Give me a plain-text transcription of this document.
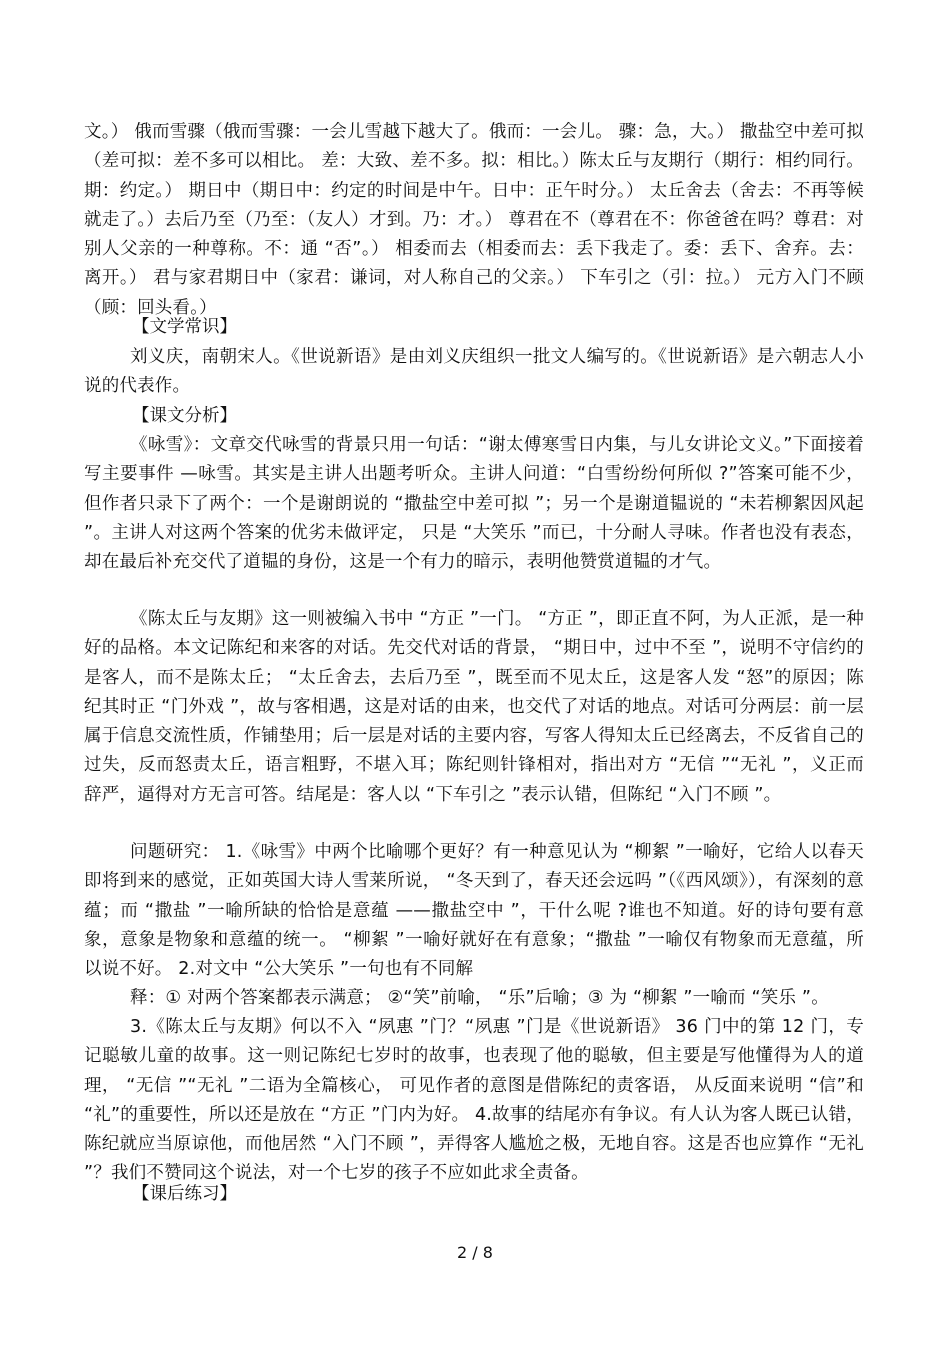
文。） 俄而雪骤（俄而雪骤：一会儿雪越下越大了。俄而：一会儿。 骤：急，大。） 撒盐空中差可拟（差可拟：差不多可以相比。 差：大致、差不多。拟：相比。）陈太丘与友期行（期行：相约同行。 期：约定。） 期日中（期日中：约定的时间是中午。日中：正午时分。） 太丘舍去（舍去：不再等候就走了。）去后乃至（乃至：（友人）才到。乃：才。） 尊君在不（尊君在不：你爸爸在吗？尊君：对别人父亲的一种尊称。不：通 “否”。） 相委而去（相委而去：丢下我走了。委：丢下、舍弃。去：离开。） 君与家君期日中（家君：谦词，对人称自己的父亲。） 下车引之（引：拉。） 元方入门不顾（顾：回头看。）

【文学常识】

刘义庆，南朝宋人。《世说新语》是由刘义庆组织一批文人编写的。《世说新语》是六朝志人小说的代表作。

【课文分析】

《咏雪》：文章交代咏雪的背景只用一句话：“谢太傅寒雪日内集，与儿女讲论文义。”下面接着写主要事件 —咏雪。其实是主讲人出题考听众。主讲人问道：“白雪纷纷何所似 ?”答案可能不少，但作者只录下了两个：一个是谢朗说的 “撒盐空中差可拟 ”；另一个是谢道韫说的 “未若柳絮因风起 ”。主讲人对这两个答案的优劣未做评定， 只是 “大笑乐 ”而已，十分耐人寻味。作者也没有表态，却在最后补充交代了道韫的身份，这是一个有力的暗示，表明他赞赏道韫的才气。

《陈太丘与友期》这一则被编入书中 “方正 ”一门。 “方正 ”，即正直不阿，为人正派，是一种好的品格。本文记陈纪和来客的对话。先交代对话的背景， “期日中，过中不至 ”，说明不守信约的是客人，而不是陈太丘； “太丘舍去，去后乃至 ”，既至而不见太丘，这是客人发 “怒”的原因；陈纪其时正 “门外戏 ”，故与客相遇，这是对话的由来，也交代了对话的地点。对话可分两层：前一层属于信息交流性质，作铺垫用；后一层是对话的主要内容，写客人得知太丘已经离去，不反省自己的过失，反而怒责太丘，语言粗野，不堪入耳；陈纪则针锋相对，指出对方 “无信 ”“无礼 ”，义正而辞严，逼得对方无言可答。结尾是：客人以 “下车引之 ”表示认错，但陈纪 “入门不顾 ”。

问题研究： 1.《咏雪》中两个比喻哪个更好？有一种意见认为 “柳絮 ”一喻好，它给人以春天即将到来的感觉，正如英国大诗人雪莱所说， “冬天到了，春天还会远吗 ”（《西风颂》），有深刻的意蕴；而 “撒盐 ”一喻所缺的恰恰是意蕴 ——撒盐空中 ”，干什么呢 ?谁也不知道。好的诗句要有意象，意象是物象和意蕴的统一。 “柳絮 ”一喻好就好在有意象；“撒盐 ”一喻仅有物象而无意蕴，所以说不好。 2.对文中 “公大笑乐 ”一句也有不同解

释：① 对两个答案都表示满意； ②“笑”前喻， “乐”后喻；③ 为 “柳絮 ”一喻而 “笑乐 ”。

3.《陈太丘与友期》何以不入 “夙惠 ”门？“夙惠 ”门是《世说新语》 36 门中的第 12 门，专记聪敏儿童的故事。这一则记陈纪七岁时的故事，也表现了他的聪敏，但主要是写他懂得为人的道理， “无信 ”“无礼 ”二语为全篇核心， 可见作者的意图是借陈纪的责客语， 从反面来说明 “信”和 “礼”的重要性，所以还是放在 “方正 ”门内为好。 4.故事的结尾亦有争议。有人认为客人既已认错，陈纪就应当原谅他，而他居然 “入门不顾 ”，弄得客人尴尬之极，无地自容。这是否也应算作 “无礼 ”？我们不赞同这个说法，对一个七岁的孩子不应如此求全责备。

【课后练习】

2 / 8
